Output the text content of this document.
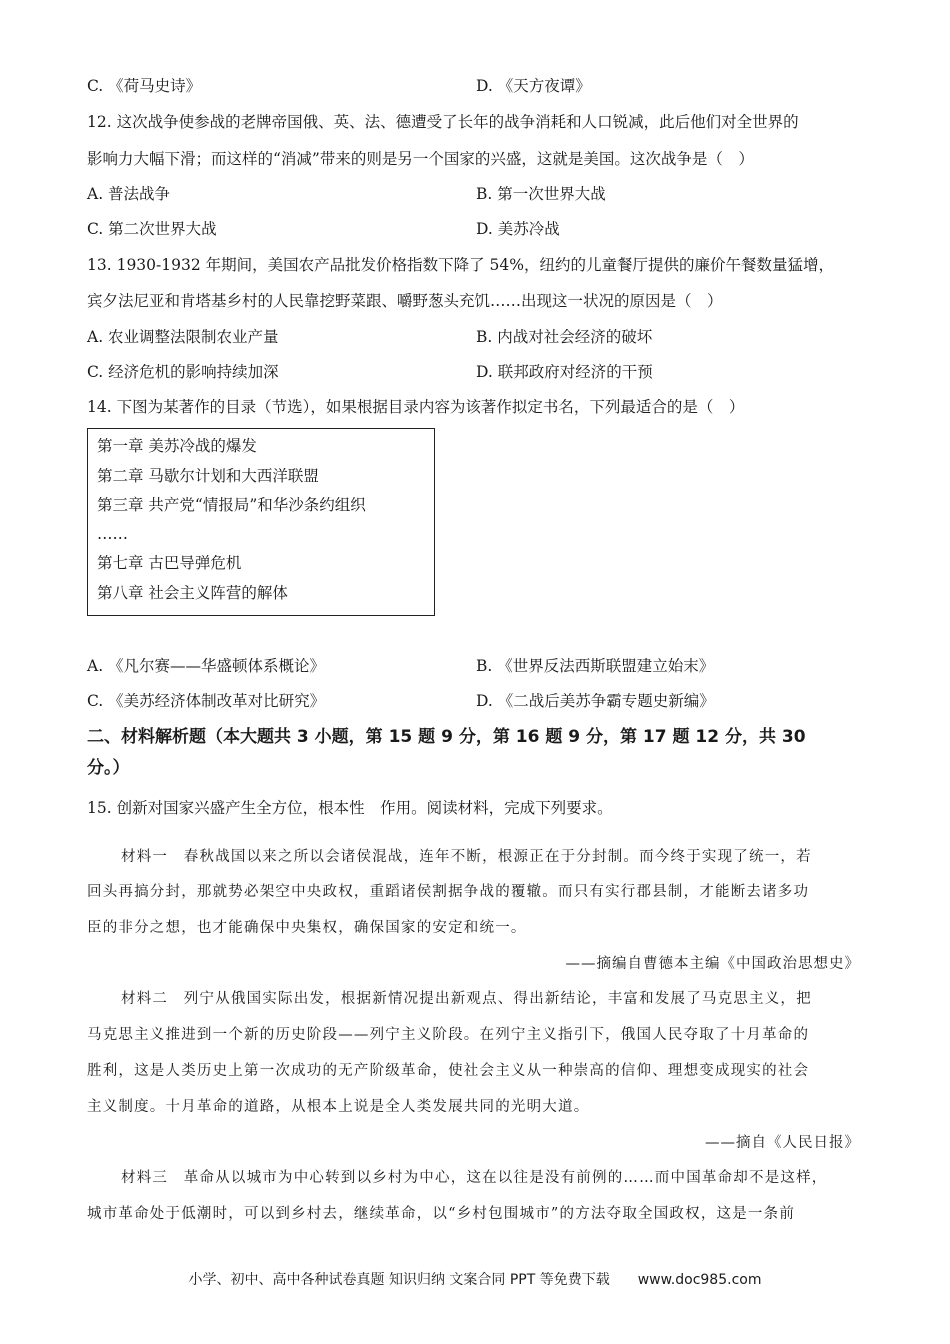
C. 《荷马史诗》	D. 《天方夜谭》
12. 这次战争使参战的老牌帝国俄、英、法、德遭受了长年的战争消耗和人口锐减，此后他们对全世界的
影响力大幅下滑；而这样的“消减”带来的则是另一个国家的兴盛，这就是美国。这次战争是（　）
A. 普法战争	B. 第一次世界大战
C. 第二次世界大战	D. 美苏冷战
13. 1930-1932 年期间，美国农产品批发价格指数下降了 54%，纽约的儿童餐厅提供的廉价午餐数量猛增，
宾夕法尼亚和肯塔基乡村的人民靠挖野菜跟、嚼野葱头充饥……出现这一状况的原因是（　）
A. 农业调整法限制农业产量	B. 内战对社会经济的破坏
C. 经济危机的影响持续加深	D. 联邦政府对经济的干预
14. 下图为某著作的目录（节选），如果根据目录内容为该著作拟定书名，下列最适合的是（　）
第一章 美苏冷战的爆发
第二章 马歇尔计划和大西洋联盟
第三章 共产党“情报局”和华沙条约组织
……
第七章 古巴导弹危机
第八章 社会主义阵营的解体
A. 《凡尔赛——华盛顿体系概论》	B. 《世界反法西斯联盟建立始末》
C. 《美苏经济体制改革对比研究》	D. 《二战后美苏争霸专题史新编》
二、材料解析题（本大题共 3 小题，第 15 题 9 分，第 16 题 9 分，第 17 题 12 分，共 30
分。）
15. 创新对国家兴盛产生全方位，根本性　作用。阅读材料，完成下列要求。
材料一　春秋战国以来之所以会诸侯混战，连年不断，根源正在于分封制。而今终于实现了统一，若
回头再搞分封，那就势必架空中央政权，重蹈诸侯割据争战的覆辙。而只有实行郡县制，才能断去诸多功
臣的非分之想，也才能确保中央集权，确保国家的安定和统一。
——摘编自曹德本主编《中国政治思想史》
材料二　列宁从俄国实际出发，根据新情况提出新观点、得出新结论，丰富和发展了马克思主义，把
马克思主义推进到一个新的历史阶段——列宁主义阶段。在列宁主义指引下，俄国人民夺取了十月革命的
胜利，这是人类历史上第一次成功的无产阶级革命，使社会主义从一种崇高的信仰、理想变成现实的社会
主义制度。十月革命的道路，从根本上说是全人类发展共同的光明大道。
——摘自《人民日报》
材料三　革命从以城市为中心转到以乡村为中心，这在以往是没有前例的……而中国革命却不是这样，
城市革命处于低潮时，可以到乡村去，继续革命，以“乡村包围城市”的方法夺取全国政权，这是一条前
小学、初中、高中各种试卷真题 知识归纳 文案合同 PPT 等免费下载　　www.doc985.com
